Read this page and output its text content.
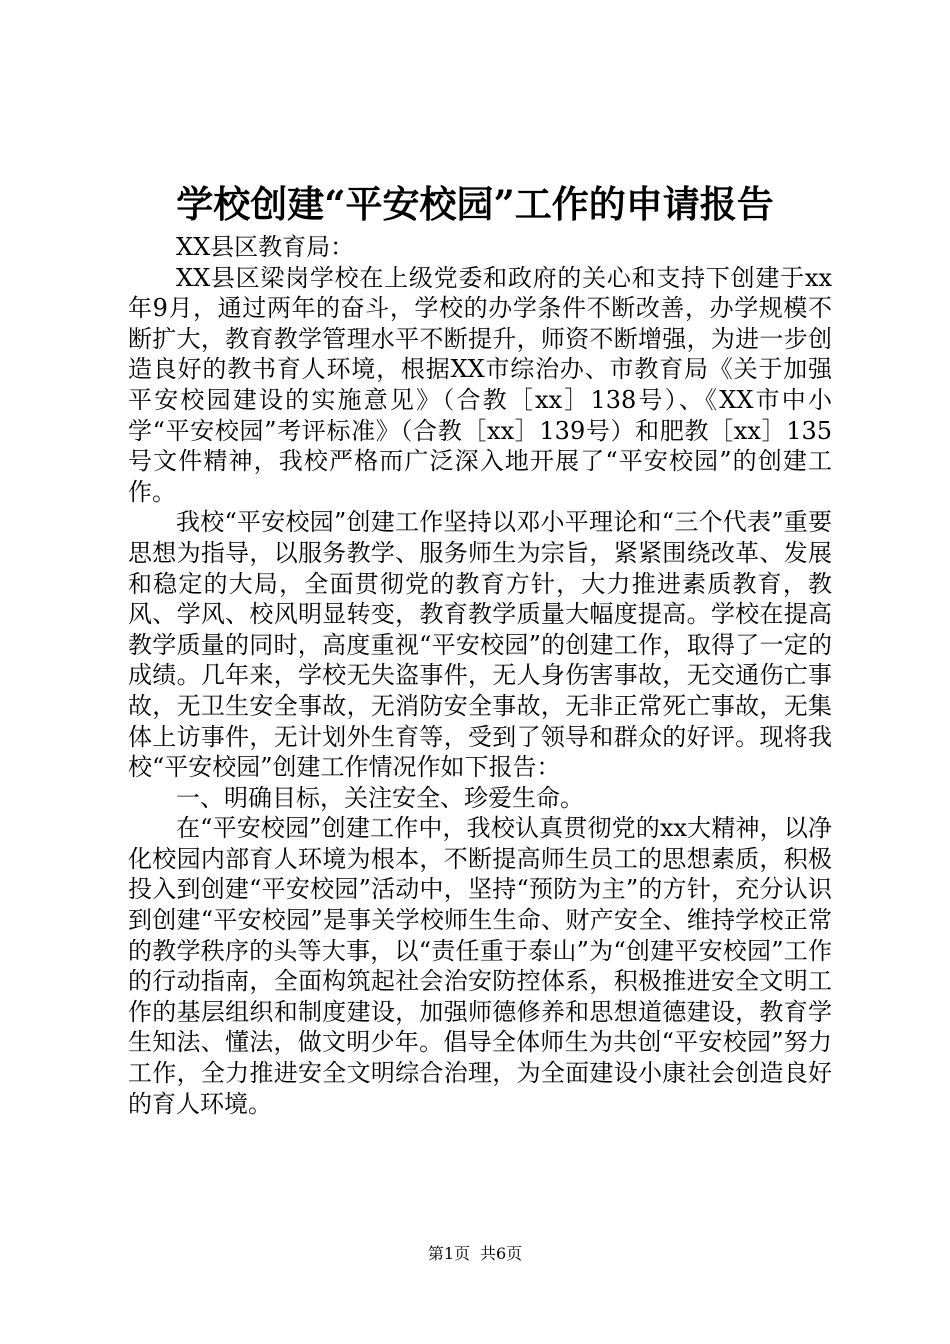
学校创建“平安校园”工作的申请报告

XX县区教育局：

XX县区梁岗学校在上级党委和政府的关心和支持下创建于xx年9月，通过两年的奋斗，学校的办学条件不断改善，办学规模不断扩大，教育教学管理水平不断提升，师资不断增强，为进一步创造良好的教书育人环境，根据XX市综治办、市教育局《关于加强平安校园建设的实施意见》（合教［xx］138号）、《XX市中小学“平安校园”考评标准》（合教［xx］139号）和肥教［xx］135号文件精神，我校严格而广泛深入地开展了“平安校园”的创建工作。

我校“平安校园”创建工作坚持以邓小平理论和“三个代表”重要思想为指导，以服务教学、服务师生为宗旨，紧紧围绕改革、发展和稳定的大局，全面贯彻党的教育方针，大力推进素质教育，教风、学风、校风明显转变，教育教学质量大幅度提高。学校在提高教学质量的同时，高度重视“平安校园”的创建工作，取得了一定的成绩。几年来，学校无失盗事件，无人身伤害事故，无交通伤亡事故，无卫生安全事故，无消防安全事故，无非正常死亡事故，无集体上访事件，无计划外生育等，受到了领导和群众的好评。现将我校“平安校园”创建工作情况作如下报告：

一、明确目标，关注安全、珍爱生命。

在“平安校园”创建工作中，我校认真贯彻党的xx大精神，以净化校园内部育人环境为根本，不断提高师生员工的思想素质，积极投入到创建“平安校园”活动中，坚持“预防为主”的方针，充分认识到创建“平安校园”是事关学校师生生命、财产安全、维持学校正常的教学秩序的头等大事，以“责任重于泰山”为“创建平安校园”工作的行动指南，全面构筑起社会治安防控体系，积极推进安全文明工作的基层组织和制度建设，加强师德修养和思想道德建设，教育学生知法、懂法，做文明少年。倡导全体师生为共创“平安校园”努力工作，全力推进安全文明综合治理，为全面建设小康社会创造良好的育人环境。

第1页 共6页
